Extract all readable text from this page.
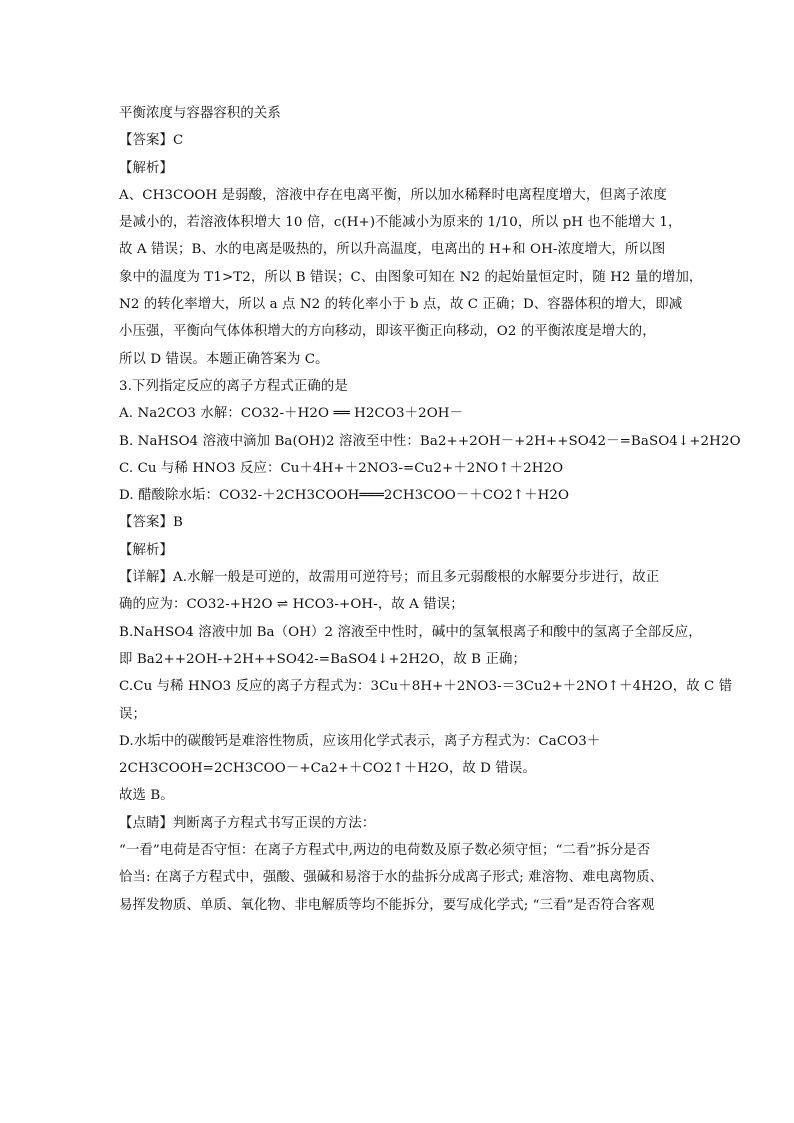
平衡浓度与容器容积的关系
【答案】C
【解析】
A、CH3COOH 是弱酸，溶液中存在电离平衡，所以加水稀释时电离程度增大，但离子浓度
是减小的，若溶液体积增大 10 倍，c(H+)不能减小为原来的 1/10，所以 pH 也不能增大 1，
故 A 错误；B、水的电离是吸热的，所以升高温度，电离出的 H+和 OH-浓度增大，所以图
象中的温度为 T1>T2，所以 B 错误；C、由图象可知在 N2 的起始量恒定时，随 H2 量的增加，
N2 的转化率增大，所以 a 点 N2 的转化率小于 b 点，故 C 正确；D、容器体积的增大，即减
小压强，平衡向气体体积增大的方向移动，即该平衡正向移动，O2 的平衡浓度是增大的，
所以 D 错误。本题正确答案为 C。
3.下列指定反应的离子方程式正确的是
A. Na2CO3 水解：CO32-＋H2O ══ H2CO3＋2OH－
B. NaHSO4 溶液中滴加 Ba(OH)2 溶液至中性：Ba2++2OH－+2H++SO42－=BaSO4↓+2H2O
C. Cu 与稀 HNO3 反应：Cu＋4H+＋2NO3-=Cu2+＋2NO↑＋2H2O
D. 醋酸除水垢：CO32-＋2CH3COOH═══2CH3COO－＋CO2↑＋H2O
【答案】B
【解析】
【详解】A.水解一般是可逆的，故需用可逆符号；而且多元弱酸根的水解要分步进行，故正
确的应为：CO32-+H2O ⇌ HCO3-+OH-，故 A 错误；
B.NaHSO4 溶液中加 Ba（OH）2 溶液至中性时，碱中的氢氧根离子和酸中的氢离子全部反应，
即 Ba2++2OH-+2H++SO42-=BaSO4↓+2H2O，故 B 正确；
C.Cu 与稀 HNO3 反应的离子方程式为：3Cu＋8H+＋2NO3-＝3Cu2+＋2NO↑＋4H2O，故 C 错
误；
D.水垢中的碳酸钙是难溶性物质，应该用化学式表示，离子方程式为：CaCO3＋
2CH3COOH=2CH3COO－+Ca2+＋CO2↑＋H2O，故 D 错误。
故选 B。
【点睛】判断离子方程式书写正误的方法：
“一看”电荷是否守恒：在离子方程式中,两边的电荷数及原子数必须守恒；“二看”拆分是否
恰当: 在离子方程式中，强酸、强碱和易溶于水的盐拆分成离子形式; 难溶物、难电离物质、
易挥发物质、单质、氧化物、非电解质等均不能拆分，要写成化学式; “三看”是否符合客观
